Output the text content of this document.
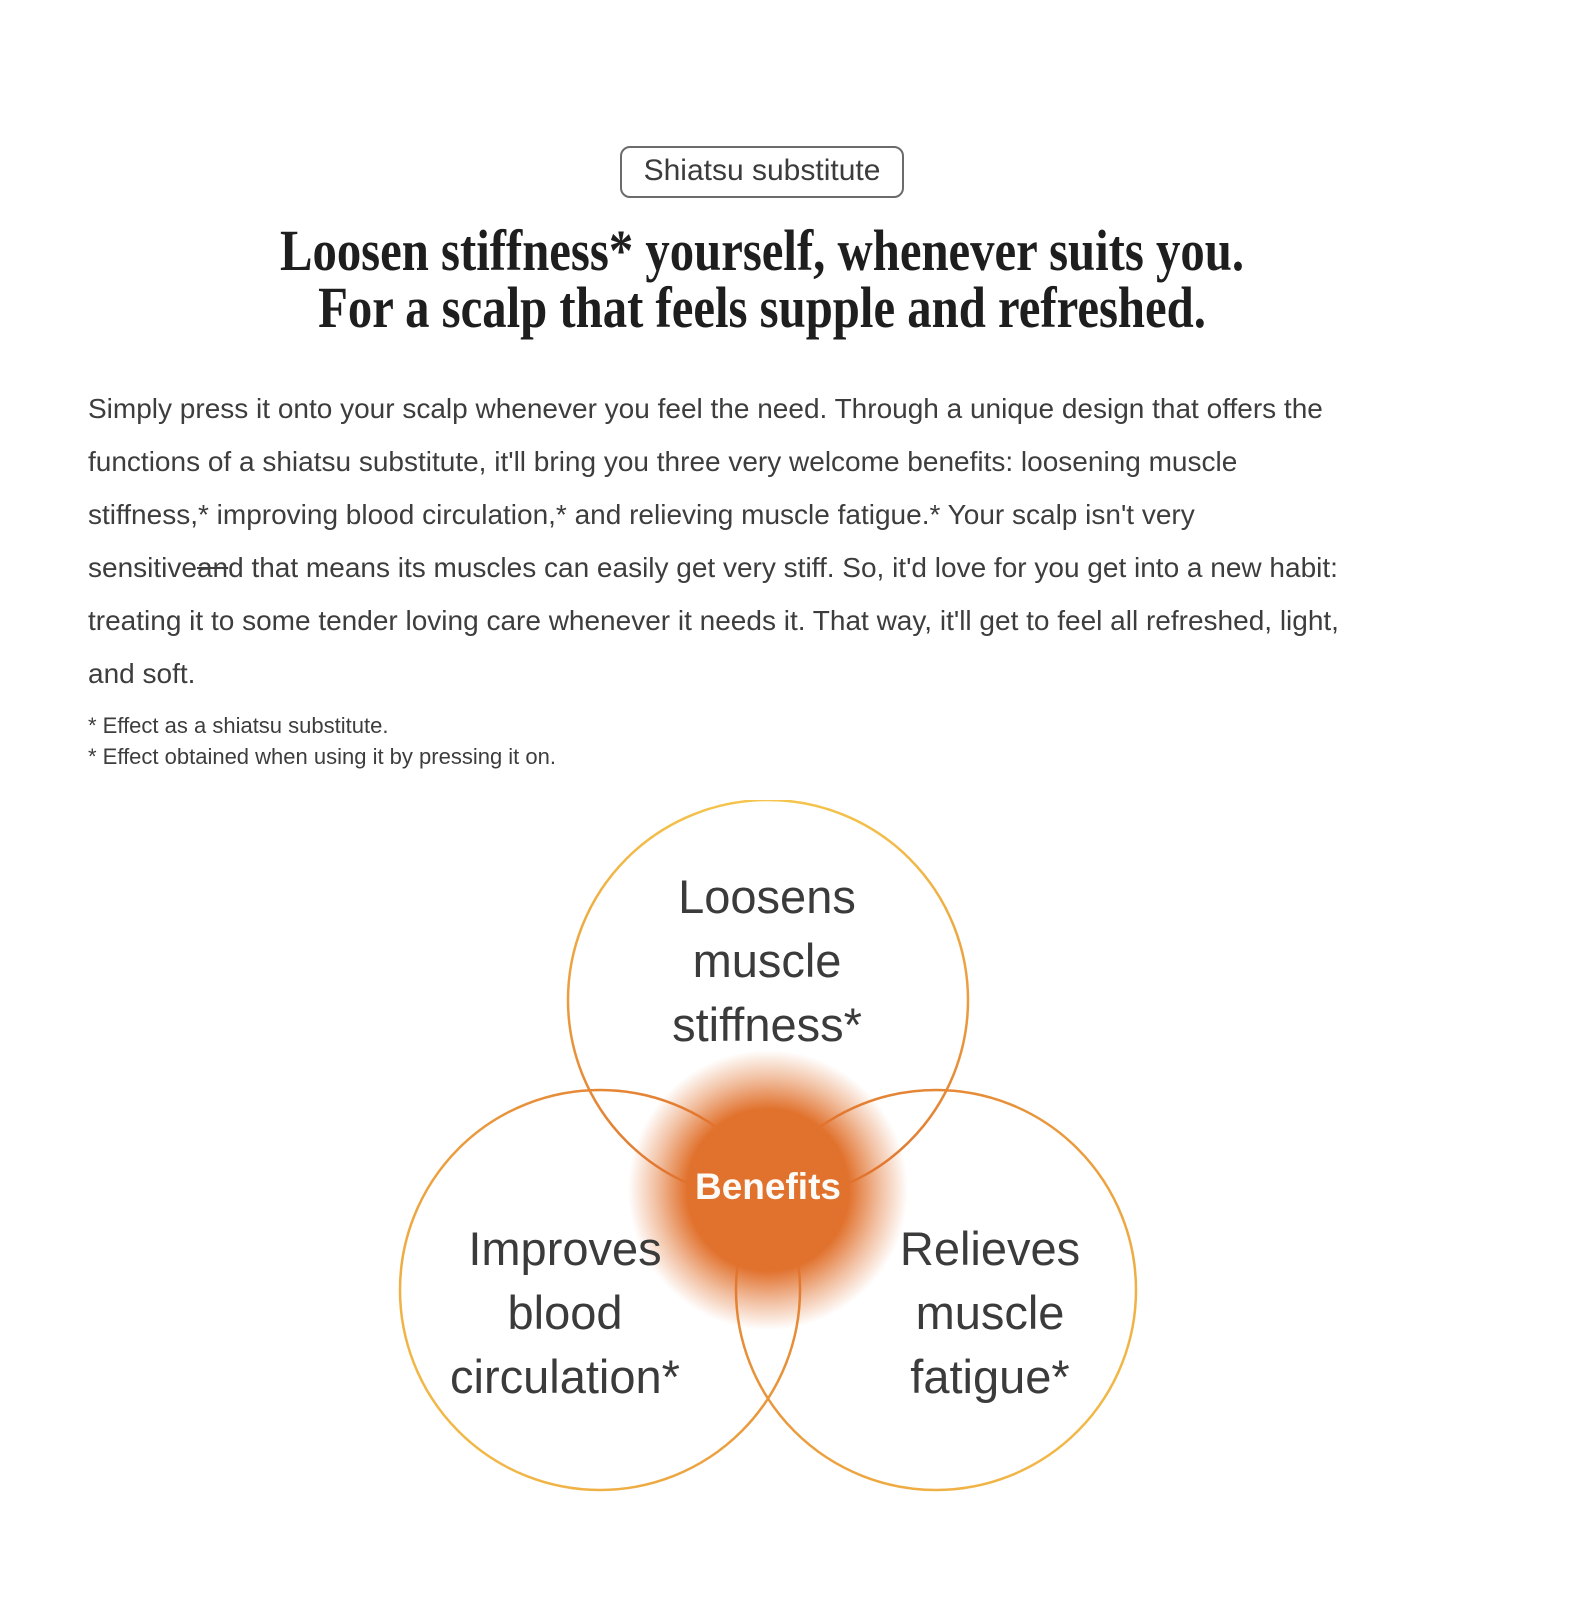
Shiatsu substitute
Loosen stiffness* yourself, whenever suits you.
For a scalp that feels supple and refreshed.
Simply press it onto your scalp whenever you feel the need. Through a unique design that offers the
functions of a shiatsu substitute, it'll bring you three very welcome benefits: loosening muscle
stiffness,* improving blood circulation,* and relieving muscle fatigue.* Your scalp isn't very
sensitiveand that means its muscles can easily get very stiff. So, it'd love for you get into a new habit:
treating it to some tender loving care whenever it needs it. That way, it'll get to feel all refreshed, light,
and soft.
* Effect as a shiatsu substitute.
* Effect obtained when using it by pressing it on.
Loosens
muscle
stiffness*
Improves
blood
circulation*
Relieves
muscle
fatigue*
Benefits
